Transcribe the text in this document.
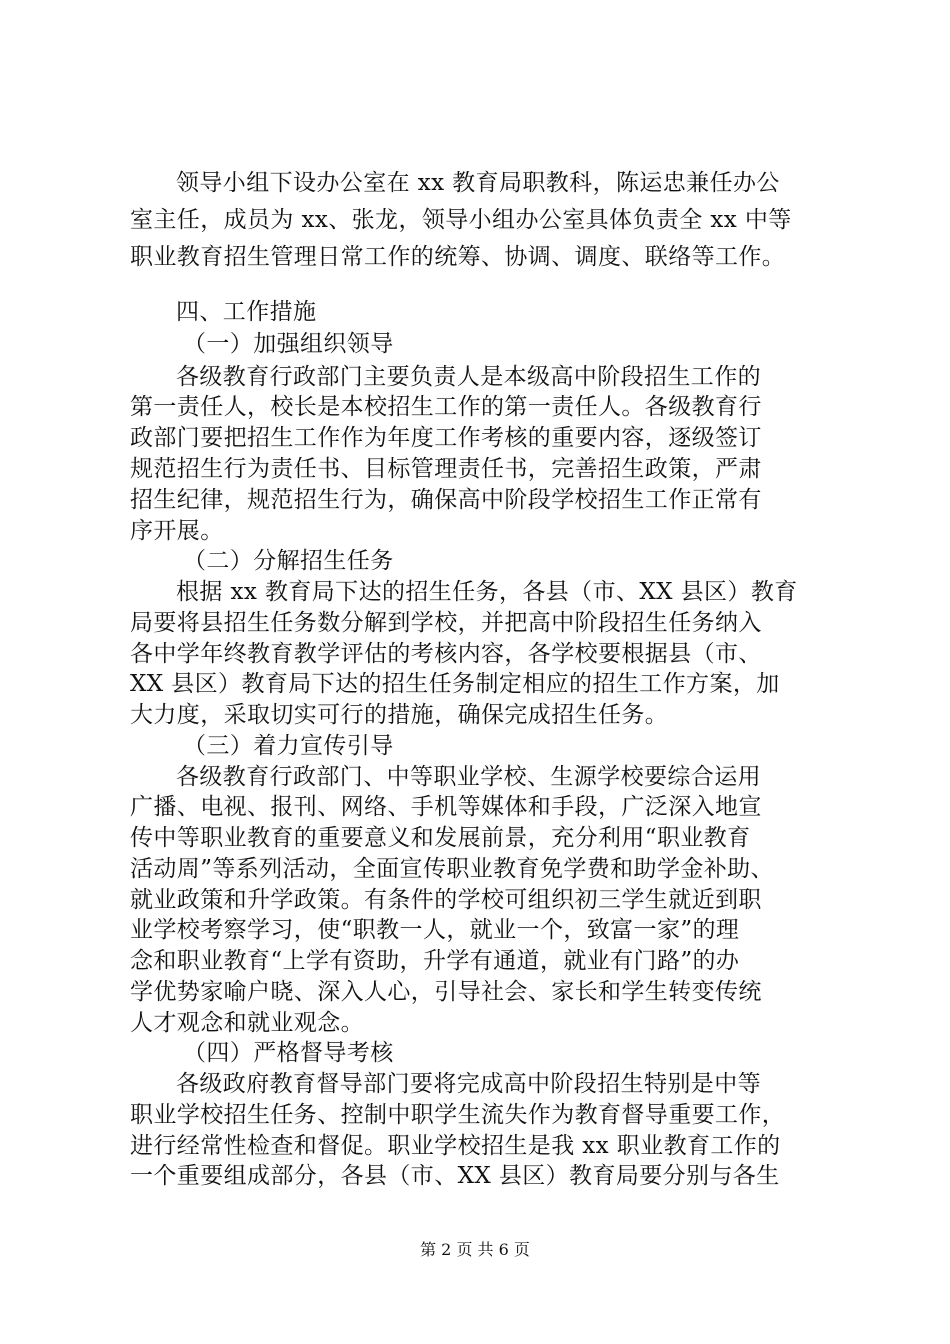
领导小组下设办公室在 xx 教育局职教科，陈运忠兼任办公
室主任，成员为 xx、张龙，领导小组办公室具体负责全 xx 中等
职业教育招生管理日常工作的统筹、协调、调度、联络等工作。
四、工作措施
（一）加强组织领导
各级教育行政部门主要负责人是本级高中阶段招生工作的
第一责任人，校长是本校招生工作的第一责任人。各级教育行
政部门要把招生工作作为年度工作考核的重要内容，逐级签订
规范招生行为责任书、目标管理责任书，完善招生政策，严肃
招生纪律，规范招生行为，确保高中阶段学校招生工作正常有
序开展。
（二）分解招生任务
根据 xx 教育局下达的招生任务，各县（市、XX 县区）教育
局要将县招生任务数分解到学校，并把高中阶段招生任务纳入
各中学年终教育教学评估的考核内容，各学校要根据县（市、
XX 县区）教育局下达的招生任务制定相应的招生工作方案，加
大力度，采取切实可行的措施，确保完成招生任务。
（三）着力宣传引导
各级教育行政部门、中等职业学校、生源学校要综合运用
广播、电视、报刊、网络、手机等媒体和手段，广泛深入地宣
传中等职业教育的重要意义和发展前景，充分利用“职业教育
活动周”等系列活动，全面宣传职业教育免学费和助学金补助、
就业政策和升学政策。有条件的学校可组织初三学生就近到职
业学校考察学习，使“职教一人，就业一个，致富一家”的理
念和职业教育“上学有资助，升学有通道，就业有门路”的办
学优势家喻户晓、深入人心，引导社会、家长和学生转变传统
人才观念和就业观念。
（四）严格督导考核
各级政府教育督导部门要将完成高中阶段招生特别是中等
职业学校招生任务、控制中职学生流失作为教育督导重要工作，
进行经常性检查和督促。职业学校招生是我 xx 职业教育工作的
一个重要组成部分，各县（市、XX 县区）教育局要分别与各生
第 2 页 共 6 页
